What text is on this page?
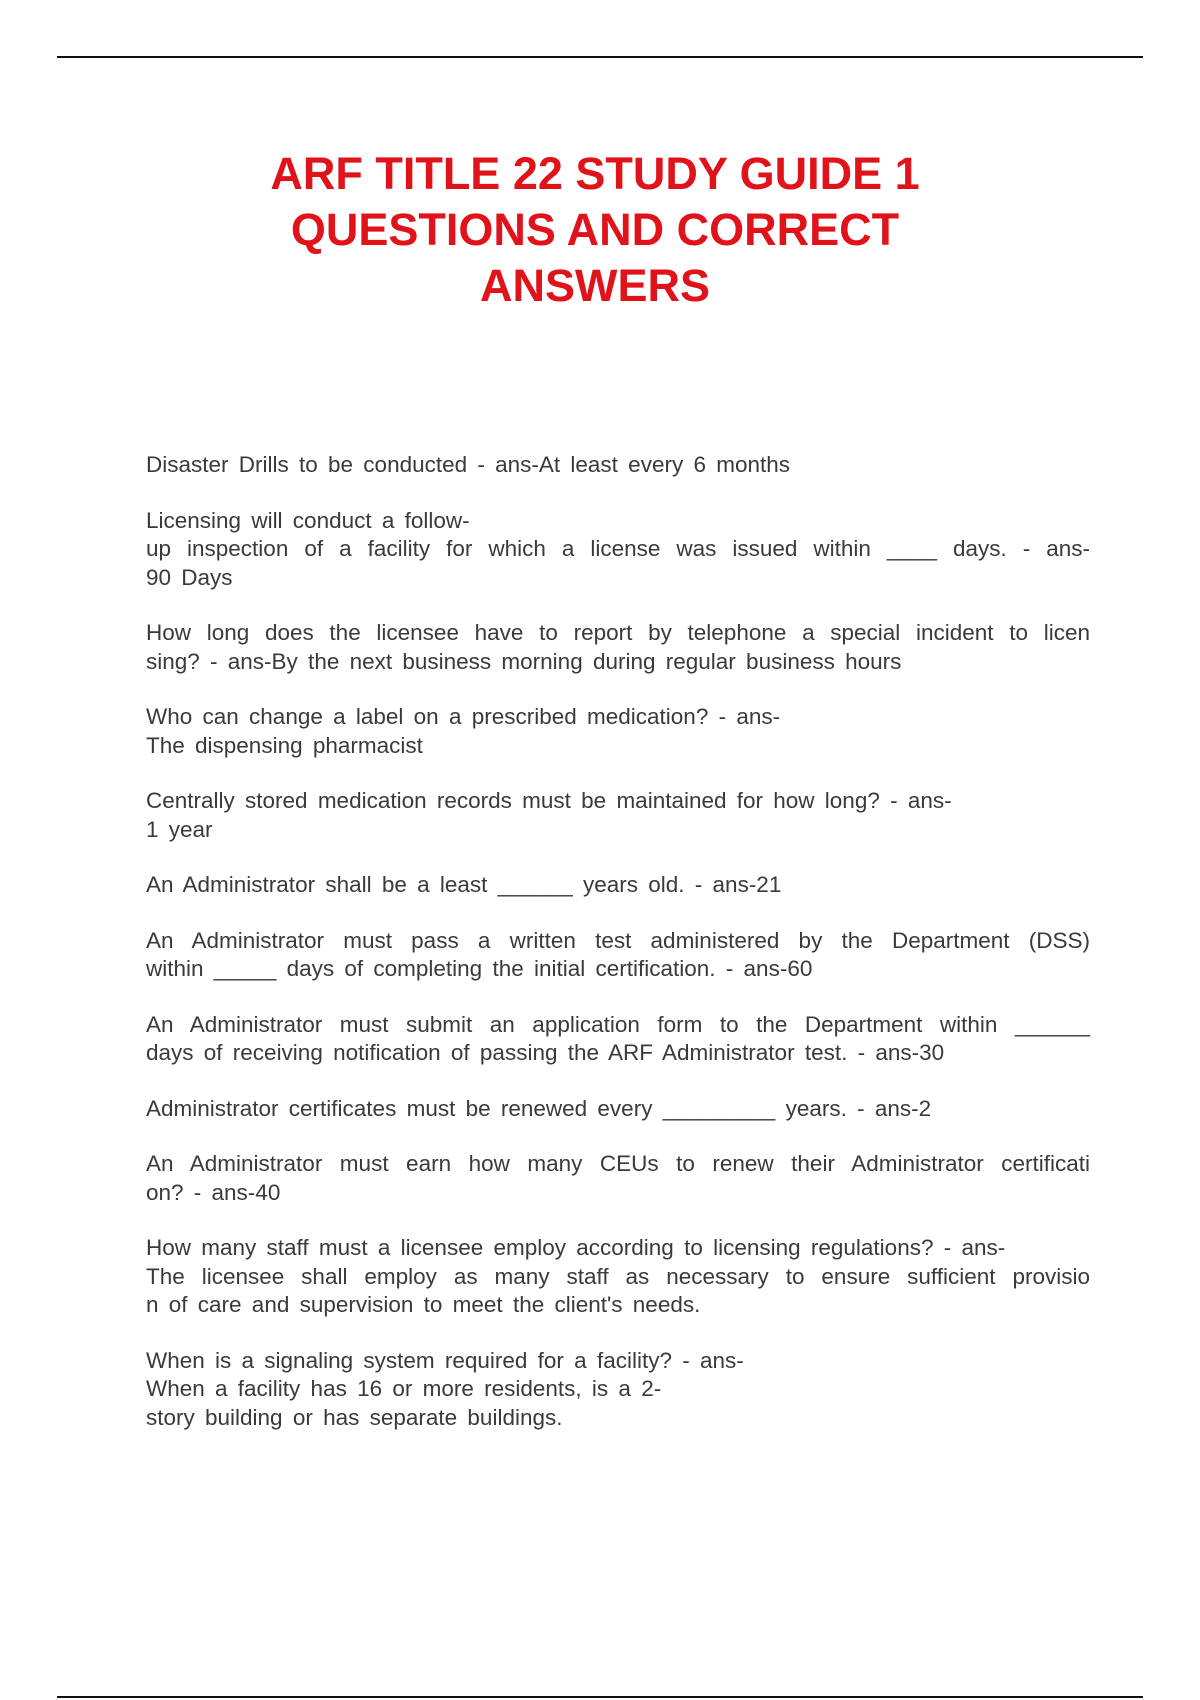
ARF TITLE 22 STUDY GUIDE 1
QUESTIONS AND CORRECT
ANSWERS
Disaster Drills to be conducted - ans-At least every 6 months
Licensing will conduct a follow-
up inspection of a facility for which a license was issued within ____ days. - ans-
90 Days
How long does the licensee have to report by telephone a special incident to licen
sing? - ans-By the next business morning during regular business hours
Who can change a label on a prescribed medication? - ans-
The dispensing pharmacist
Centrally stored medication records must be maintained for how long? - ans-
1 year
An Administrator shall be a least ______ years old. - ans-21
An Administrator must pass a written test administered by the Department (DSS)
within _____ days of completing the initial certification. - ans-60
An Administrator must submit an application form to the Department within ______
days of receiving notification of passing the ARF Administrator test. - ans-30
Administrator certificates must be renewed every _________ years. - ans-2
An Administrator must earn how many CEUs to renew their Administrator certificati
on? - ans-40
How many staff must a licensee employ according to licensing regulations? - ans-
The licensee shall employ as many staff as necessary to ensure sufficient provisio
n of care and supervision to meet the client's needs.
When is a signaling system required for a facility? - ans-
When a facility has 16 or more residents, is a 2-
story building or has separate buildings.
